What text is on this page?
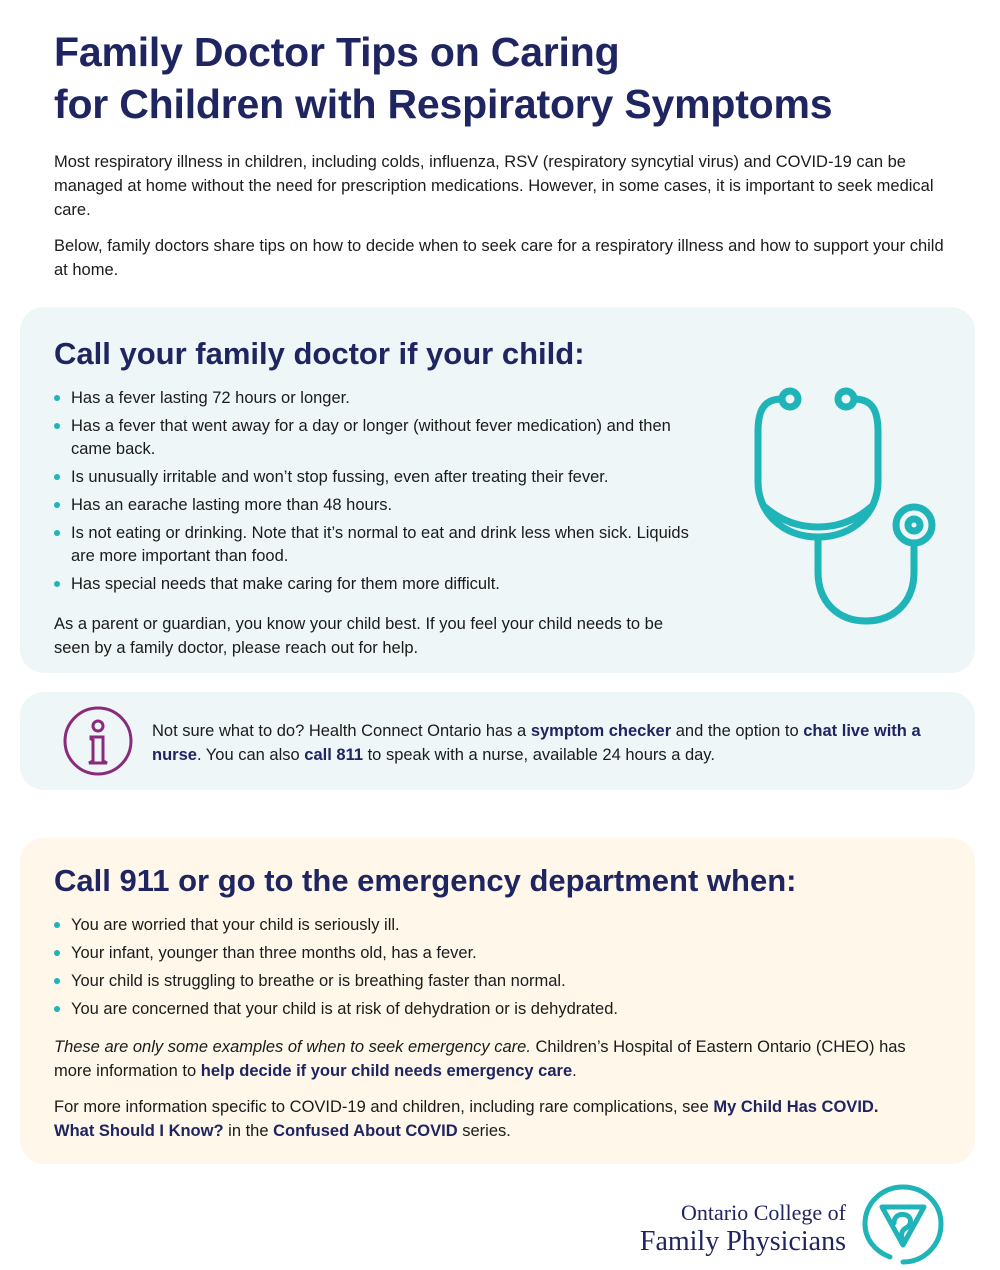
Family Doctor Tips on Caring
for Children with Respiratory Symptoms

Most respiratory illness in children, including colds, influenza, RSV (respiratory syncytial virus) and COVID-19 can be managed at home without the need for prescription medications. However, in some cases, it is important to seek medical care.

Below, family doctors share tips on how to decide when to seek care for a respiratory illness and how to support your child at home.

Call your family doctor if your child:
Has a fever lasting 72 hours or longer.
Has a fever that went away for a day or longer (without fever medication) and then came back.
Is unusually irritable and won’t stop fussing, even after treating their fever.
Has an earache lasting more than 48 hours.
Is not eating or drinking. Note that it’s normal to eat and drink less when sick. Liquids are more important than food.
Has special needs that make caring for them more difficult.

As a parent or guardian, you know your child best. If you feel your child needs to be seen by a family doctor, please reach out for help.

Not sure what to do? Health Connect Ontario has a symptom checker and the option to chat live with a nurse. You can also call 811 to speak with a nurse, available 24 hours a day.

Call 911 or go to the emergency department when:
You are worried that your child is seriously ill.
Your infant, younger than three months old, has a fever.
Your child is struggling to breathe or is breathing faster than normal.
You are concerned that your child is at risk of dehydration or is dehydrated.

These are only some examples of when to seek emergency care. Children’s Hospital of Eastern Ontario (CHEO) has more information to help decide if your child needs emergency care.

For more information specific to COVID-19 and children, including rare complications, see My Child Has COVID. What Should I Know? in the Confused About COVID series.

Ontario College of
Family Physicians
